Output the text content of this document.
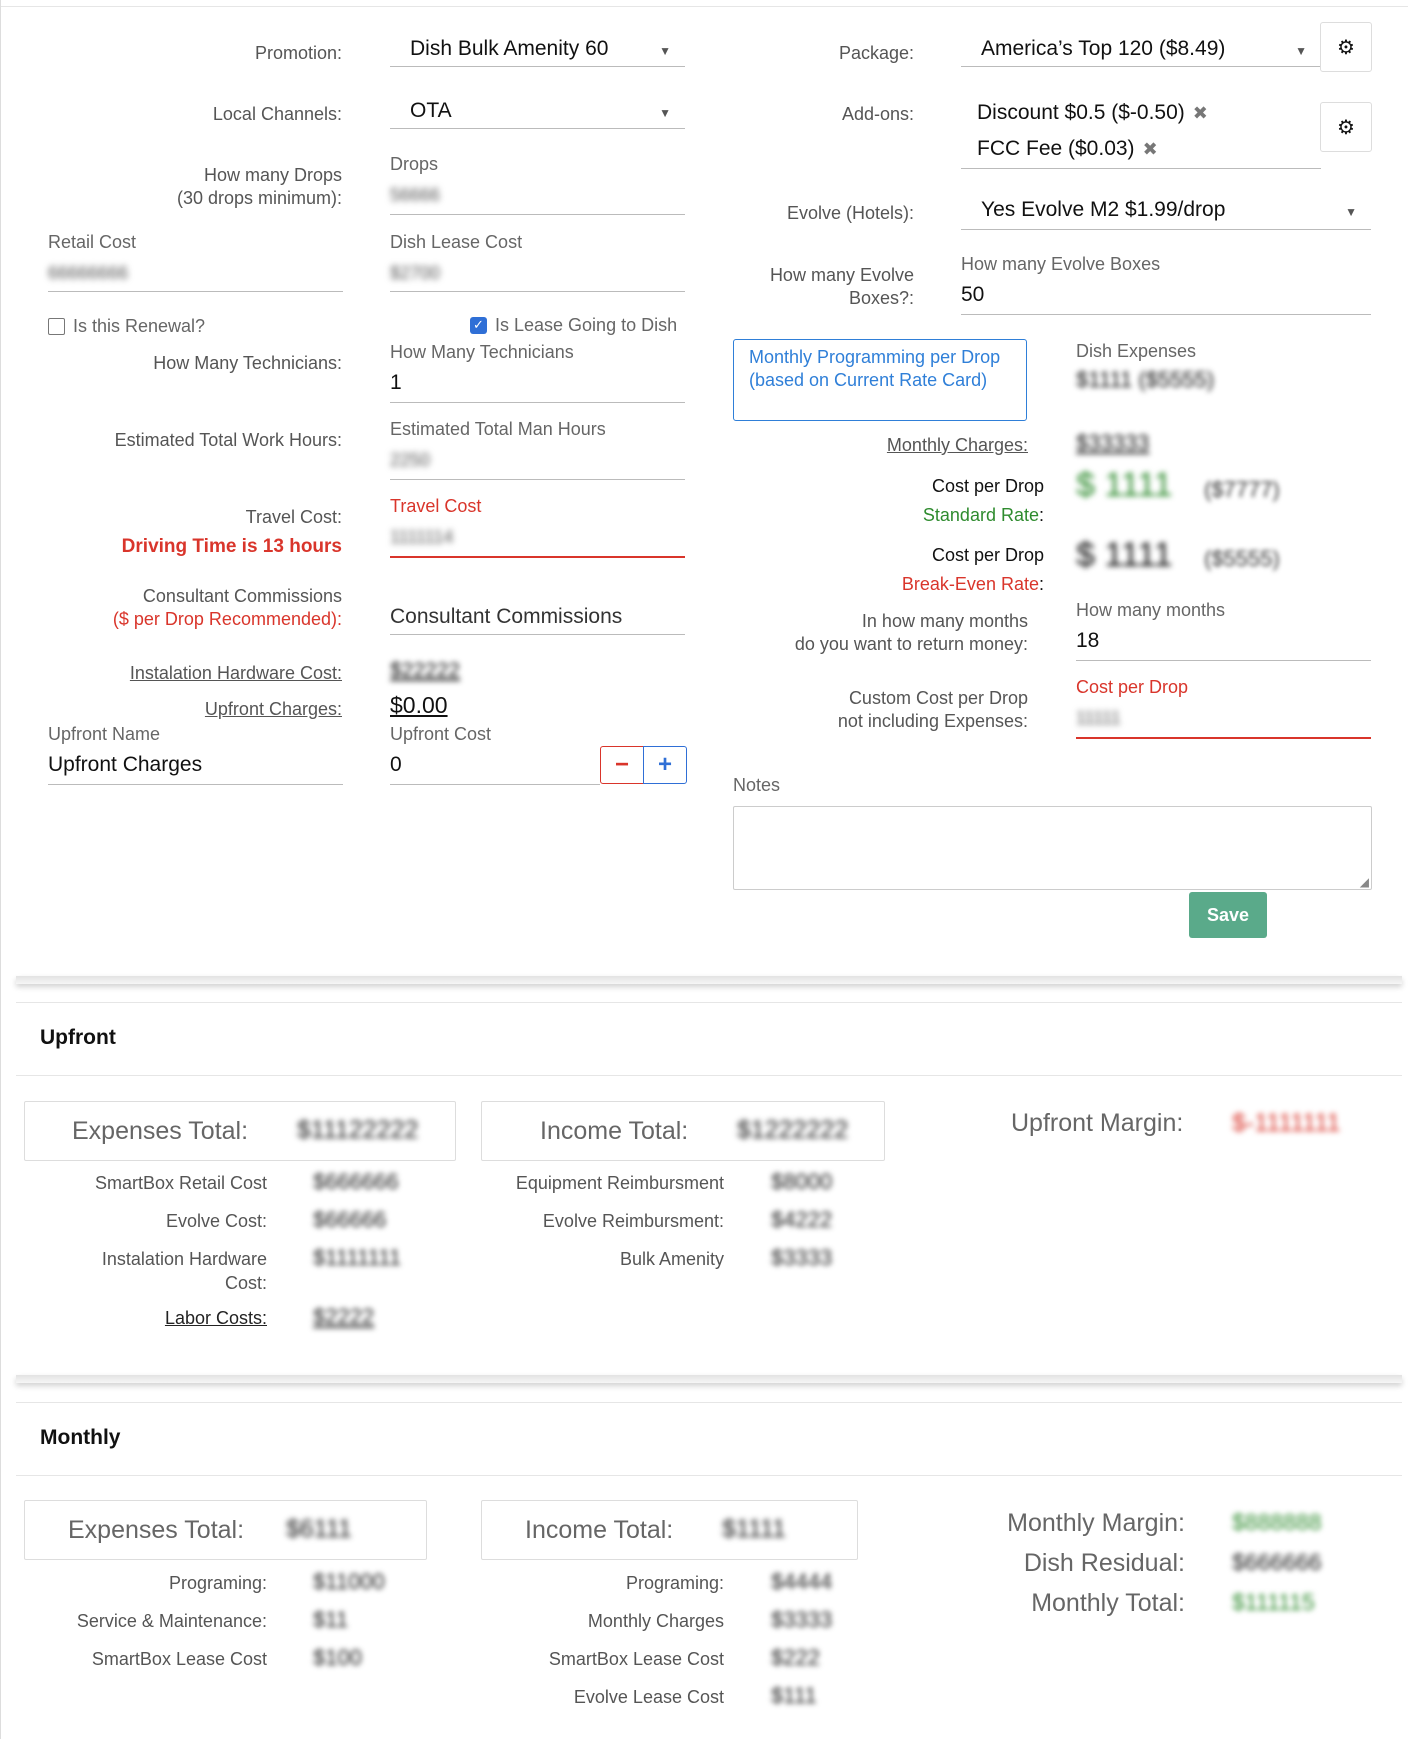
Promotion:	Dish Bulk Amenity 60	▼
Local Channels:	OTA	▼
How many Drops
(30 drops minimum):
Drops
56666
Retail Cost
66666666
Dish Lease Cost
$2700
Is this Renewal?	✓ Is Lease Going to Dish
How Many Technicians:
How Many Technicians
1
Estimated Total Work Hours:
Estimated Total Man Hours
2250
Travel Cost:
Driving Time is 13 hours
Travel Cost
1111114
Consultant Commissions
($ per Drop Recommended): Consultant Commissions
Instalation Hardware Cost: $22222
Upfront Charges: $0.00
Upfront Name
Upfront Charges
Upfront Cost
0	−	+
Package:	America’s Top 120 ($8.49)	▼ ⚙
Add-ons:	Discount $0.5 ($-0.50) ✖
FCC Fee ($0.03) ✖
⚙
Evolve (Hotels):	Yes Evolve M2 $1.99/drop	▼
How many Evolve
Boxes?:
How many Evolve Boxes
50
Monthly Programming per Drop (based on Current Rate Card)
Dish Expenses
$1111 ($5555)
Monthly Charges: $33333
Cost per Drop
Standard Rate:
$ 1111 ($7777)
Cost per Drop
Break-Even Rate:
$ 1111 ($5555)
In how many months
do you want to return money:
How many months
18
Custom Cost per Drop
not including Expenses:
Cost per Drop
11111
Notes
◢
Save
Upfront
Expenses Total: $11122222	Income Total: $1222222	Upfront Margin: $-1111111
SmartBox Retail Cost $666666
Evolve Cost: $66666
Instalation Hardware
Cost:
$1111111
Labor Costs: $2222
Equipment Reimbursment $8000
Evolve Reimbursment: $4222
Bulk Amenity $3333
Monthly
Expenses Total: $6111	Income Total: $1111	Monthly Margin: $888888
Dish Residual: $666666
Monthly Total: $111115
Programing: $11000
Service & Maintenance: $11
SmartBox Lease Cost $100
Programing: $4444
Monthly Charges $3333
SmartBox Lease Cost $222
Evolve Lease Cost $111
